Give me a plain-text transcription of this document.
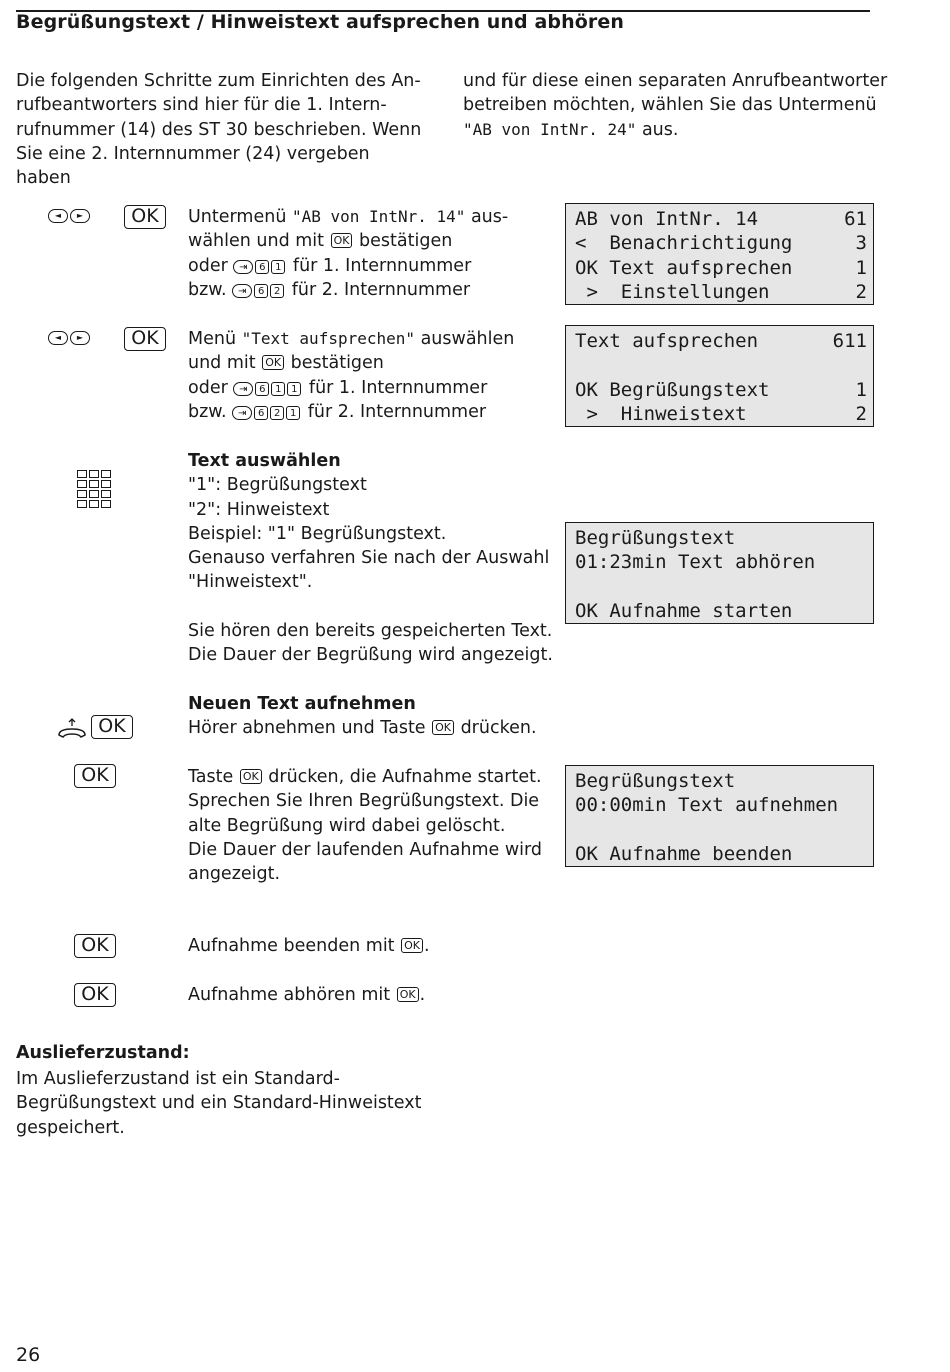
Begrüßungstext / Hinweistext aufsprechen und abhören
Die folgenden Schritte zum Einrichten des An-
rufbeantworters sind hier für die 1. Intern-
rufnummer (14) des ST 30 beschrieben. Wenn
Sie eine 2. Internnummer (24) vergeben haben
und für diese einen separaten Anrufbeantworter
betreiben möchten, wählen Sie das Untermenü
"AB von IntNr. 24" aus.
◄	►	OK	Untermenü "AB von IntNr. 14" aus-
wählen und mit OK bestätigen
oder ⇥ 6 1 für 1. Internnummer
bzw. ⇥ 6 2 für 2. Internnummer
AB von IntNr. 14	61
<  Benachrichtigung	3
OK Text aufsprechen	1
>  Einstellungen	2
◄	►	OK	Menü "Text aufsprechen" auswählen
und mit OK bestätigen
oder ⇥ 6 1 1 für 1. Internnummer
bzw. ⇥ 6 2 1 für 2. Internnummer
Text aufsprechen	611
OK Begrüßungstext	1
>  Hinweistext	2
Text auswählen
"1": Begrüßungstext
"2": Hinweistext
Beispiel: "1" Begrüßungstext.
Genauso verfahren Sie nach der Auswahl
"Hinweistext".
Sie hören den bereits gespeicherten Text.
Die Dauer der Begrüßung wird angezeigt.
Begrüßungstext
01:23min Text abhören
OK Aufnahme starten
OK
Neuen Text aufnehmen
Hörer abnehmen und Taste OK drücken.
OK	Taste OK drücken, die Aufnahme startet.
Sprechen Sie Ihren Begrüßungstext. Die
alte Begrüßung wird dabei gelöscht.
Die Dauer der laufenden Aufnahme wird
angezeigt.
Begrüßungstext
00:00min Text aufnehmen
OK Aufnahme beenden
OK	Aufnahme beenden mit OK .
OK	Aufnahme abhören mit OK .
Auslieferzustand:
Im Auslieferzustand ist ein Standard-
Begrüßungstext und ein Standard-Hinweistext
gespeichert.
26
